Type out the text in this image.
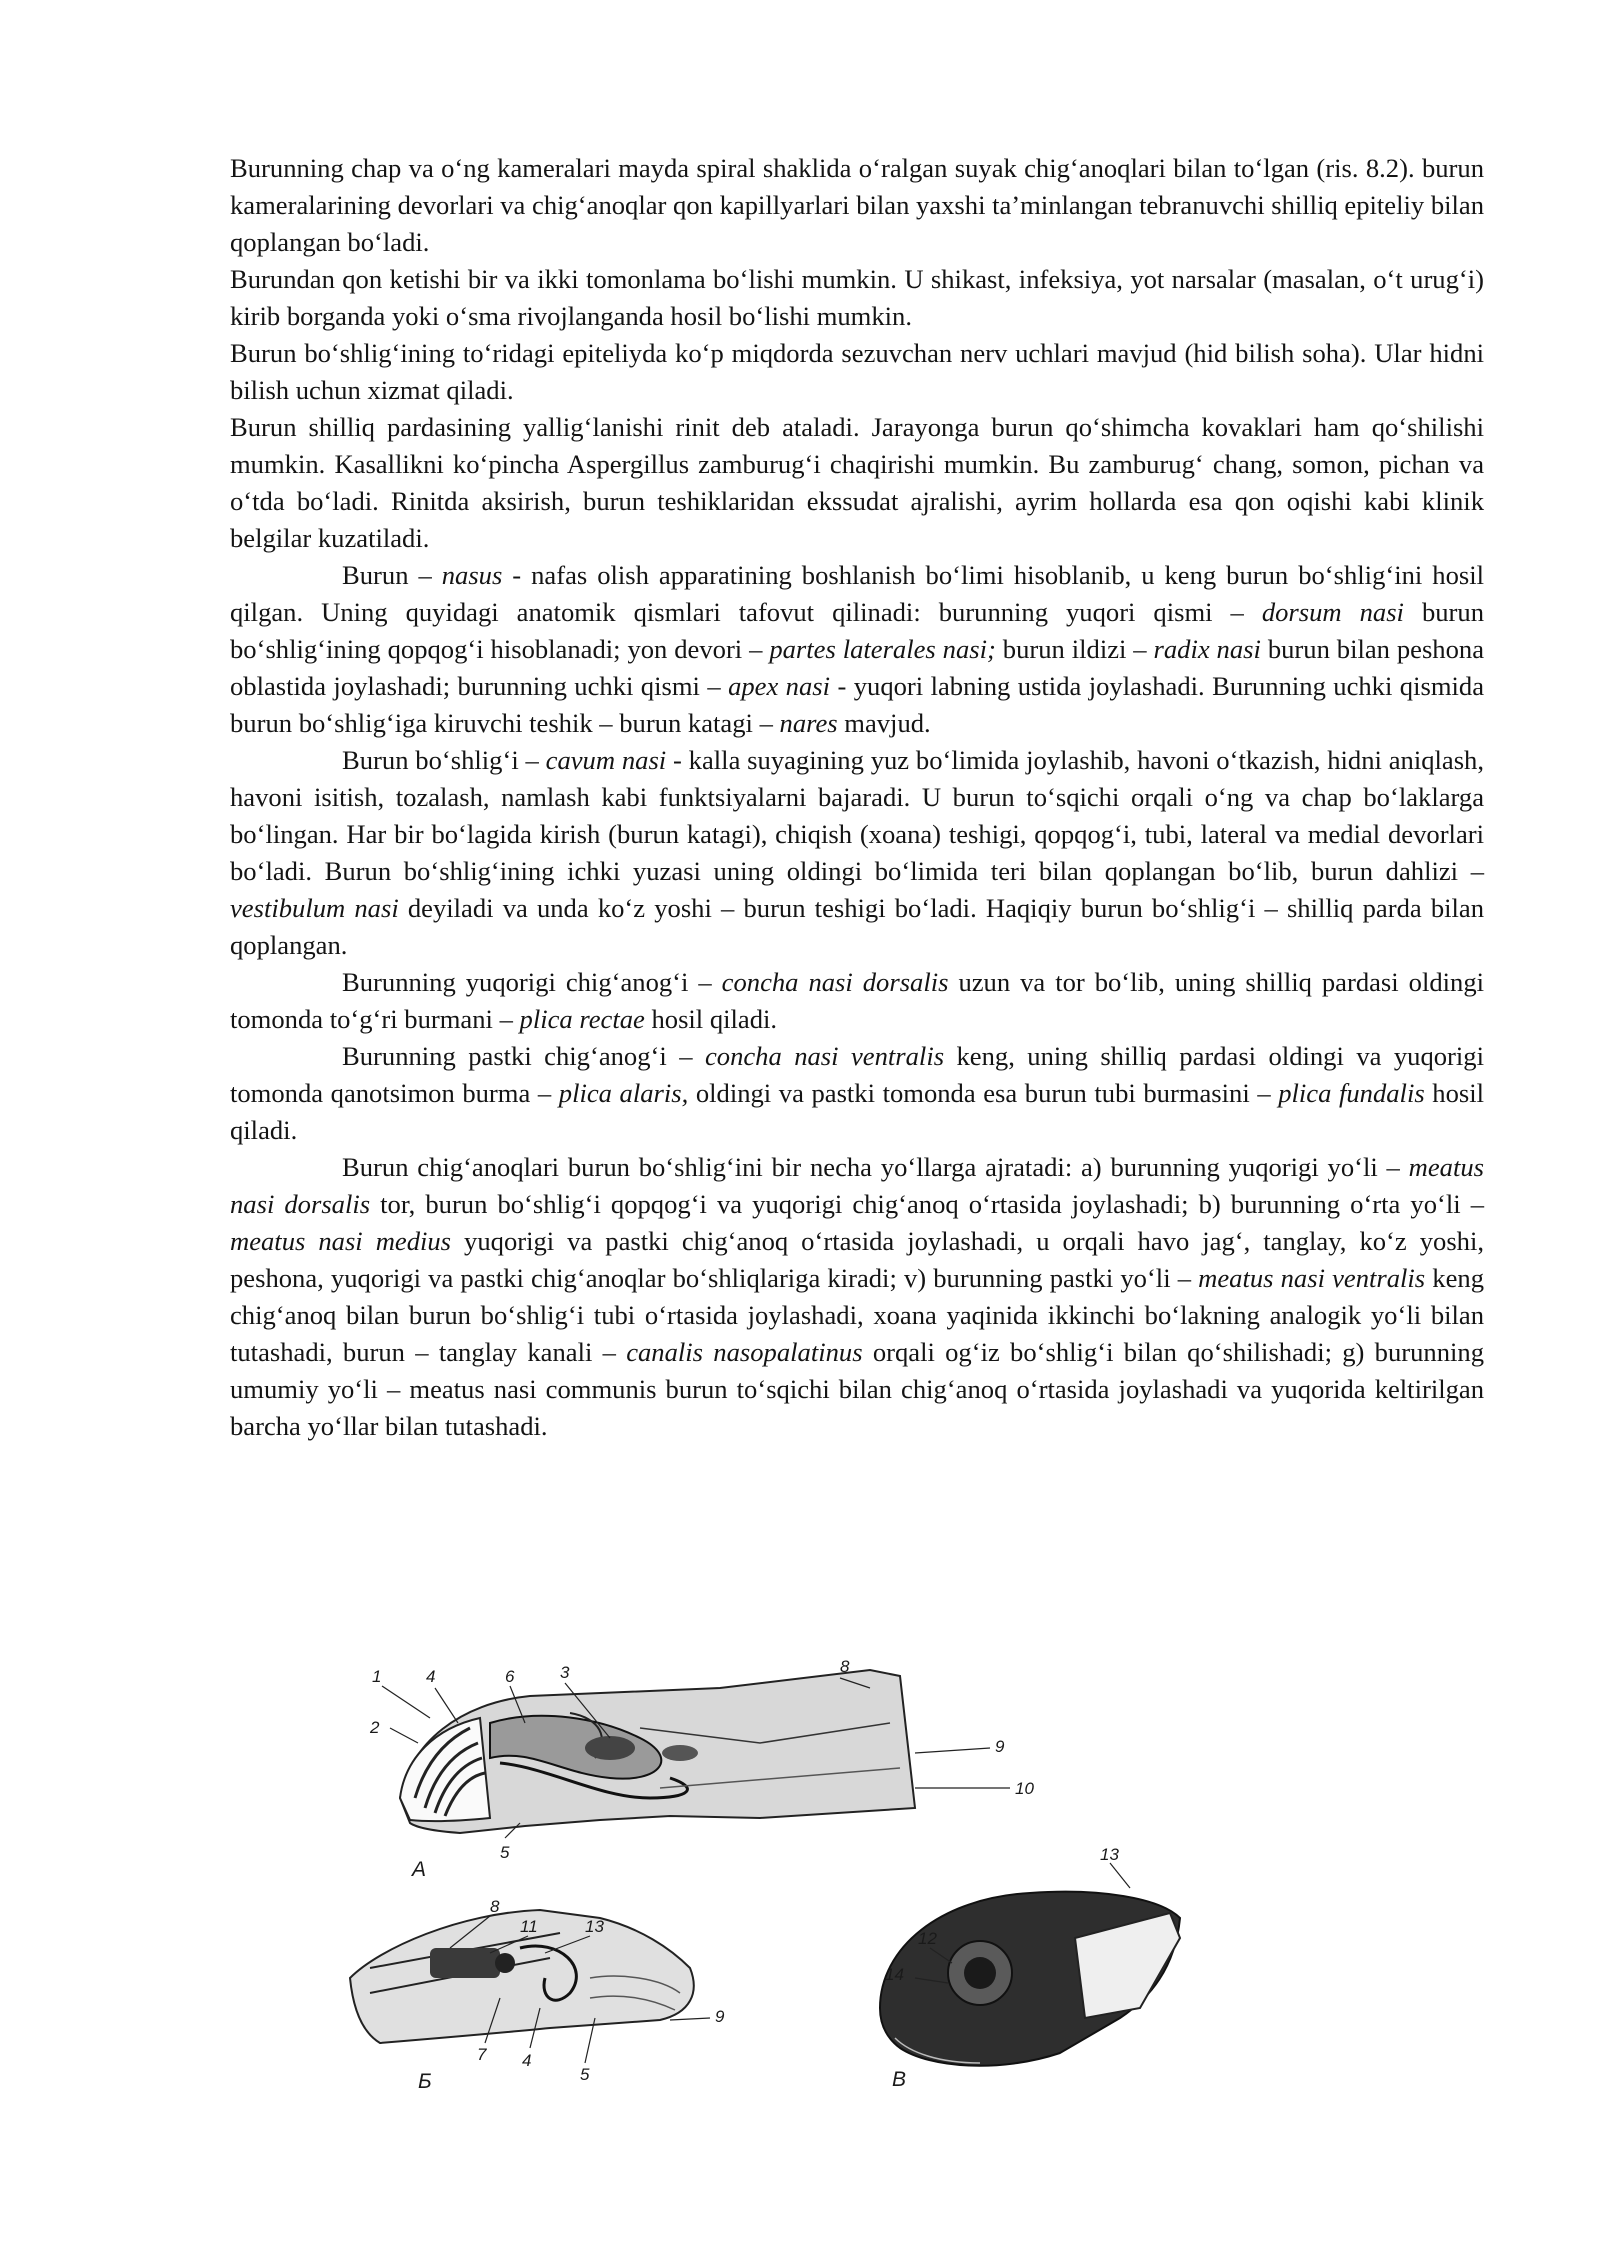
Burunning chap va o‘ng kameralari mayda spiral shaklida o‘ralgan suyak chig‘anoqlari bilan to‘lgan (ris. 8.2). burun kameralarining devorlari va chig‘anoqlar qon kapillyarlari bilan yaxshi ta’minlangan tebranuvchi shilliq epiteliy bilan qoplangan bo‘ladi.

Burundan qon ketishi bir va ikki tomonlama bo‘lishi mumkin. U shikast, infeksiya, yot narsalar (masalan, o‘t urug‘i) kirib borganda yoki o‘sma rivojlanganda hosil bo‘lishi mumkin.

Burun bo‘shlig‘ining to‘ridagi epiteliyda ko‘p miqdorda sezuvchan nerv uchlari mavjud (hid bilish soha). Ular hidni bilish uchun xizmat qiladi.

Burun shilliq pardasining yallig‘lanishi rinit deb ataladi. Jarayonga burun qo‘shimcha kovaklari ham qo‘shilishi mumkin. Kasallikni ko‘pincha Aspergillus zamburug‘i chaqirishi mumkin. Bu zamburug‘ chang, somon, pichan va o‘tda bo‘ladi. Rinitda aksirish, burun teshiklaridan ekssudat ajralishi, ayrim hollarda esa qon oqishi kabi klinik belgilar kuzatiladi.

Burun – nasus - nafas olish apparatining boshlanish bo‘limi hisoblanib, u keng burun bo‘shlig‘ini hosil qilgan. Uning quyidagi anatomik qismlari tafovut qilinadi: burunning yuqori qismi – dorsum nasi burun bo‘shlig‘ining qopqog‘i hisoblanadi; yon devori – partes laterales nasi; burun ildizi – radix nasi burun bilan peshona oblastida joylashadi; burunning uchki qismi – apex nasi - yuqori labning ustida joylashadi. Burunning uchki qismida burun bo‘shlig‘iga kiruvchi teshik – burun katagi – nares mavjud.

Burun bo‘shlig‘i – cavum nasi - kalla suyagining yuz bo‘limida joylashib, havoni o‘tkazish, hidni aniqlash, havoni isitish, tozalash, namlash kabi funktsiyalarni bajaradi. U burun to‘sqichi orqali o‘ng va chap bo‘laklarga bo‘lingan. Har bir bo‘lagida kirish (burun katagi), chiqish (xoana) teshigi, qopqog‘i, tubi, lateral va medial devorlari bo‘ladi. Burun bo‘shlig‘ining ichki yuzasi uning oldingi bo‘limida teri bilan qoplangan bo‘lib, burun dahlizi – vestibulum nasi deyiladi va unda ko‘z yoshi – burun teshigi bo‘ladi. Haqiqiy burun bo‘shlig‘i – shilliq parda bilan qoplangan.

Burunning yuqorigi chig‘anog‘i – concha nasi dorsalis uzun va tor bo‘lib, uning shilliq pardasi oldingi tomonda to‘g‘ri burmani – plica rectae hosil qiladi.

Burunning pastki chig‘anog‘i – concha nasi ventralis keng, uning shilliq pardasi oldingi va yuqorigi tomonda qanotsimon burma – plica alaris, oldingi va pastki tomonda esa burun tubi burmasini – plica fundalis hosil qiladi.

Burun chig‘anoqlari burun bo‘shlig‘ini bir necha yo‘llarga ajratadi: a) burunning yuqorigi yo‘li – meatus nasi dorsalis tor, burun bo‘shlig‘i qopqog‘i va yuqorigi chig‘anoq o‘rtasida joylashadi; b) burunning o‘rta yo‘li – meatus nasi medius yuqorigi va pastki chig‘anoq o‘rtasida joylashadi, u orqali havo jag‘, tanglay, ko‘z yoshi, peshona, yuqorigi va pastki chig‘anoqlar bo‘shliqlariga kiradi; v) burunning pastki yo‘li – meatus nasi ventralis keng chig‘anoq bilan burun bo‘shlig‘i tubi o‘rtasida joylashadi, xoana yaqinida ikkinchi bo‘lakning analogik yo‘li bilan tutashadi, burun – tanglay kanali – canalis nasopalatinus orqali og‘iz bo‘shlig‘i bilan qo‘shilishadi; g) burunning umumiy yo‘li – meatus nasi communis burun to‘sqichi bilan chig‘anoq o‘rtasida joylashadi va yuqorida keltirilgan barcha yo‘llar bilan tutashadi.

1	4	6	3	8
2
9
10
5
A
8
11	13
7 4
5
9
Б
12
14
13
В
